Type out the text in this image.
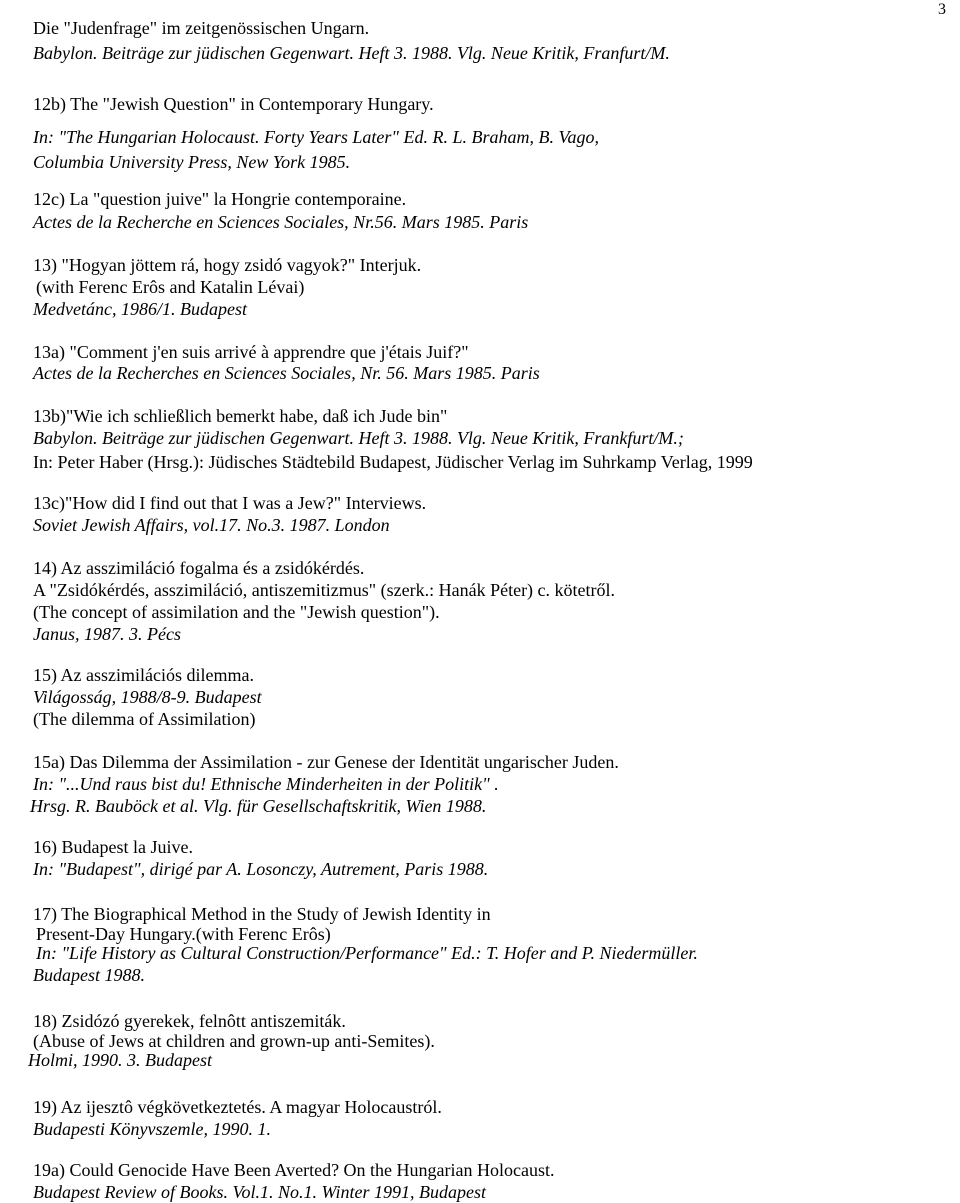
3
Die "Judenfrage" im zeitgenössischen Ungarn.
Babylon. Beiträge zur jüdischen Gegenwart. Heft 3. 1988. Vlg. Neue Kritik, Franfurt/M.
12b) The "Jewish Question" in Contemporary Hungary.
In: "The Hungarian Holocaust. Forty Years Later" Ed. R. L. Braham, B. Vago,
Columbia University Press, New York 1985.
12c) La "question juive" la Hongrie contemporaine.
Actes de la Recherche en Sciences Sociales, Nr.56. Mars 1985. Paris
13) "Hogyan jöttem rá, hogy zsidó vagyok?" Interjuk.
(with Ferenc Erôs and Katalin Lévai)
Medvetánc, 1986/1. Budapest
13a) "Comment j'en suis arrivé à apprendre que j'étais Juif?"
Actes de la Recherches en Sciences Sociales, Nr. 56. Mars 1985. Paris
13b)"Wie ich schließlich bemerkt habe, daß ich Jude bin"
Babylon. Beiträge zur jüdischen Gegenwart. Heft 3. 1988. Vlg. Neue Kritik, Frankfurt/M.;
In: Peter Haber (Hrsg.): Jüdisches Städtebild Budapest, Jüdischer Verlag im Suhrkamp Verlag, 1999
13c)"How did I find out that I was a Jew?" Interviews.
Soviet Jewish Affairs, vol.17. No.3. 1987. London
14) Az asszimiláció fogalma és a zsidókérdés.
A "Zsidókérdés, asszimiláció, antiszemitizmus" (szerk.: Hanák Péter) c. kötetről.
(The concept of assimilation and the "Jewish question").
Janus, 1987. 3. Pécs
15) Az asszimilációs dilemma.
Világosság, 1988/8-9. Budapest
(The dilemma of Assimilation)
15a) Das Dilemma der Assimilation - zur Genese der Identität ungarischer Juden.
In: "...Und raus bist du! Ethnische Minderheiten in der Politik" .
Hrsg. R. Bauböck et al. Vlg. für Gesellschaftskritik, Wien 1988.
16) Budapest la Juive.
In: "Budapest", dirigé par A. Losonczy, Autrement, Paris 1988.
17) The Biographical Method in the Study of Jewish Identity in
Present-Day Hungary.(with Ferenc Erôs)
In: "Life History as Cultural Construction/Performance" Ed.: T. Hofer and P. Niedermüller.
Budapest 1988.
18) Zsidózó gyerekek, felnôtt antiszemiták.
(Abuse of Jews at children and grown-up anti-Semites).
Holmi, 1990. 3. Budapest
19) Az ijesztô végkövetkeztetés. A magyar Holocaustról.
Budapesti Könyvszemle, 1990. 1.
19a) Could Genocide Have Been Averted? On the Hungarian Holocaust.
Budapest Review of Books. Vol.1. No.1. Winter 1991, Budapest
